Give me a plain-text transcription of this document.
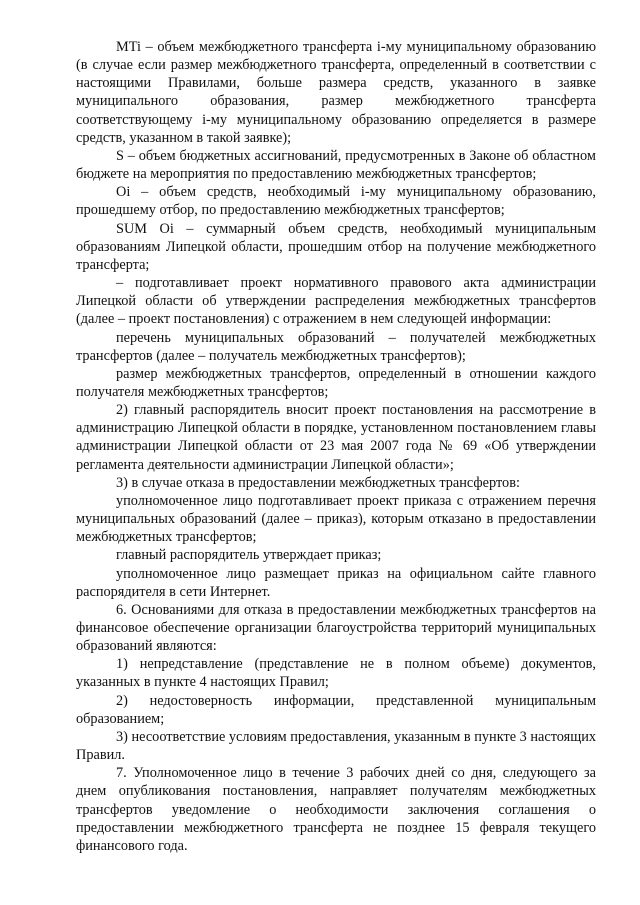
MTi – объем межбюджетного трансферта i-му муниципальному образованию (в случае если размер межбюджетного трансферта, определенный в соответствии с настоящими Правилами, больше размера средств, указанного в заявке муниципального образования, размер межбюджетного трансферта соответствующему i-му муниципальному образованию определяется в размере средств, указанном в такой заявке);

S – объем бюджетных ассигнований, предусмотренных в Законе об областном бюджете на мероприятия по предоставлению межбюджетных трансфертов;

Oi – объем средств, необходимый i-му муниципальному образованию, прошедшему отбор, по предоставлению межбюджетных трансфертов;

SUM Oi – суммарный объем средств, необходимый муниципальным образованиям Липецкой области, прошедшим отбор на получение межбюджетного трансферта;

– подготавливает проект нормативного правового акта администрации Липецкой области об утверждении распределения межбюджетных трансфертов (далее – проект постановления) с отражением в нем следующей информации:

перечень муниципальных образований – получателей межбюджетных трансфертов (далее – получатель межбюджетных трансфертов);

размер межбюджетных трансфертов, определенный в отношении каждого получателя межбюджетных трансфертов;

2) главный распорядитель вносит проект постановления на рассмотрение в администрацию Липецкой области в порядке, установленном постановлением главы администрации Липецкой области от 23 мая 2007 года № 69 «Об утверждении регламента деятельности администрации Липецкой области»;

3) в случае отказа в предоставлении межбюджетных трансфертов:

уполномоченное лицо подготавливает проект приказа с отражением перечня муниципальных образований (далее – приказ), которым отказано в предоставлении межбюджетных трансфертов;

главный распорядитель утверждает приказ;

уполномоченное лицо размещает приказ на официальном сайте главного распорядителя в сети Интернет.

6. Основаниями для отказа в предоставлении межбюджетных трансфертов на финансовое обеспечение организации благоустройства территорий муниципальных образований являются:

1) непредставление (представление не в полном объеме) документов, указанных в пункте 4 настоящих Правил;

2) недостоверность информации, представленной муниципальным образованием;

3) несоответствие условиям предоставления, указанным в пункте 3 настоящих Правил.

7. Уполномоченное лицо в течение 3 рабочих дней со дня, следующего за днем опубликования постановления, направляет получателям межбюджетных трансфертов уведомление о необходимости заключения соглашения о предоставлении межбюджетного трансферта не позднее 15 февраля текущего финансового года.
